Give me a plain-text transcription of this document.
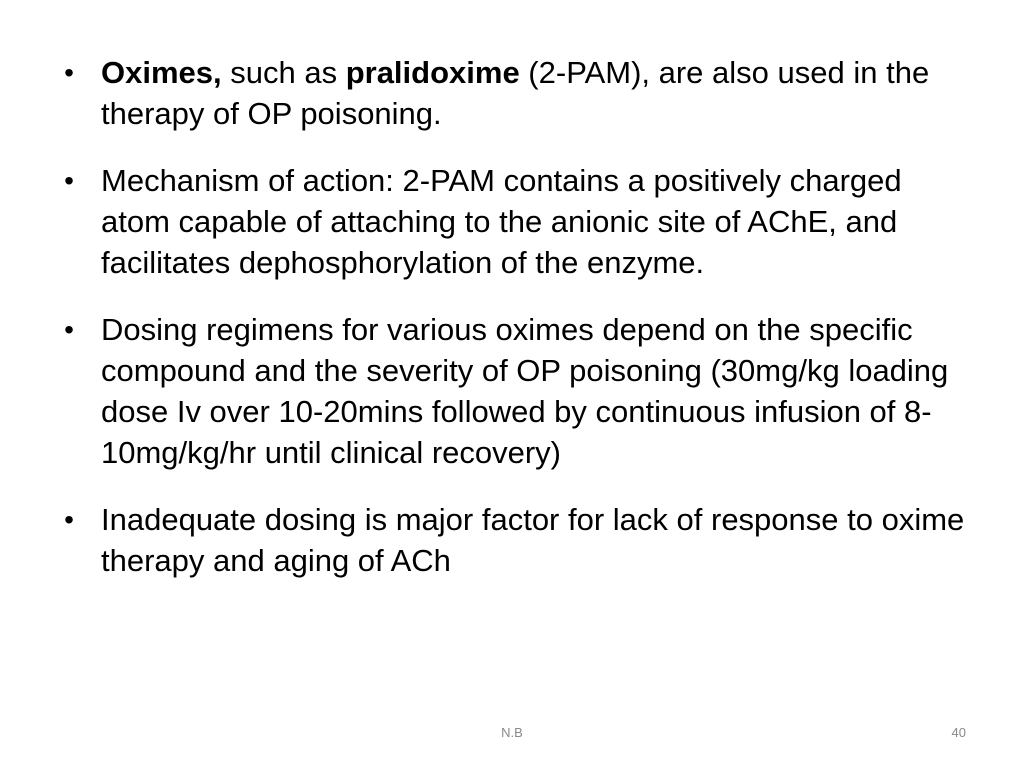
• Oximes, such as pralidoxime (2-PAM), are also used in the therapy of OP poisoning.
• Mechanism of action: 2-PAM contains a positively charged atom capable of attaching to the anionic site of AChE, and facilitates dephosphorylation of the enzyme.
• Dosing regimens for various oximes depend on the specific compound and the severity of OP poisoning (30mg/kg loading dose Iv over 10-20mins followed by continuous infusion of 8-10mg/kg/hr until clinical recovery)
• Inadequate dosing is major factor for lack of response to oxime therapy and aging of ACh
N.B	40
